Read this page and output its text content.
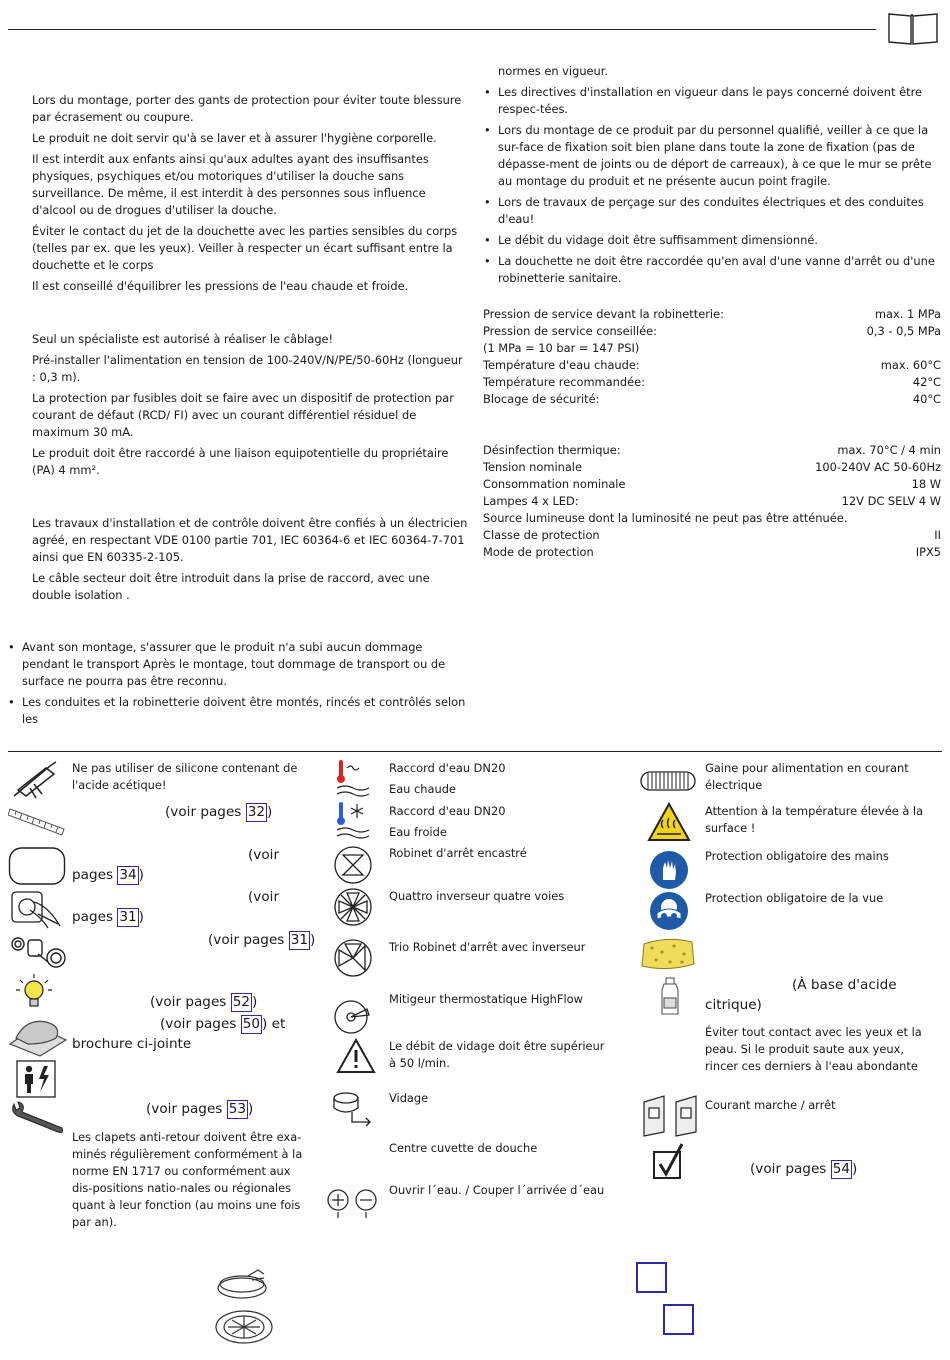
Lors du montage, porter des gants de protection pour éviter toute blessure par écrasement ou coupure.

Le produit ne doit servir qu'à se laver et à assurer l'hygiène corporelle.

Il est interdit aux enfants ainsi qu'aux adultes ayant des insuffisantes physiques, psychiques et/ou motoriques d'utiliser la douche sans surveillance. De même, il est interdit à des personnes sous influence d'alcool ou de drogues d'utiliser la douche.

Éviter le contact du jet de la douchette avec les parties sensibles du corps (telles par ex. que les yeux). Veiller à respecter un écart suffisant entre la douchette et le corps

Il est conseillé d'équilibrer les pressions de l'eau chaude et froide.

Seul un spécialiste est autorisé à réaliser le câblage!

Pré-installer l'alimentation en tension de 100-240V/N/PE/50-60Hz (longueur : 0,3 m).

La protection par fusibles doit se faire avec un dispositif de protection par courant de défaut (RCD/ FI) avec un courant différentiel résiduel de maximum 30 mA.

Le produit doit être raccordé à une liaison equipotentielle du propriétaire (PA) 4 mm².

Les travaux d'installation et de contrôle doivent être confiés à un électricien agréé, en respectant VDE 0100 partie 701, IEC 60364-6 et IEC 60364-7-701 ainsi que EN 60335-2-105.

Le câble secteur doit être introduit dans la prise de raccord, avec une double isolation .

• Avant son montage, s'assurer que le produit n'a subi aucun dommage pendant le transport Après le montage, tout dommage de transport ou de surface ne pourra pas être reconnu.
• Les conduites et la robinetterie doivent être montés, rincés et contrôlés selon les
normes en vigueur.
• Les directives d'installation en vigueur dans le pays concerné doivent être respec-tées.
• Lors du montage de ce produit par du personnel qualifié, veiller à ce que la sur-face de fixation soit bien plane dans toute la zone de fixation (pas de dépasse-ment de joints ou de déport de carreaux), à ce que le mur se prête au montage du produit et ne présente aucun point fragile.
• Lors de travaux de perçage sur des conduites électriques et des conduites d'eau!
• Le débit du vidage doit être suffisamment dimensionné.
• La douchette ne doit être raccordée qu'en aval d'une vanne d'arrêt ou d'une robinetterie sanitaire.
Pression de service devant la robinetterie:	max. 1 MPa
Pression de service conseillée:	0,3 - 0,5 MPa
(1 MPa = 10 bar = 147 PSI)
Température d'eau chaude:	max. 60°C
Température recommandée:	42°C
Blocage de sécurité:	40°C
Désinfection thermique:	max. 70°C / 4 min
Tension nominale	100-240V AC 50-60Hz
Consommation nominale	18 W
Lampes 4 x LED:	12V DC SELV 4 W
Source lumineuse dont la luminosité ne peut pas être atténuée.
Classe de protection	II
Mode de protection	IPX5
Ne pas utiliser de silicone contenant de l'acide acétique!
(voir pages 32 )
(voir
pages 34 )
(voir
pages 31 )
(voir pages 31 )
(voir pages 52 )
(voir pages 50 ) et
brochure ci-jointe
(voir pages 53 )
Les clapets anti-retour doivent être exa-minés régulièrement conformément à la norme EN 1717 ou conformément aux dis-positions natio-nales ou régionales quant à leur fonction (au moins une fois par an).
Raccord d'eau DN20
Eau chaude
Raccord d'eau DN20
Eau froide
Robinet d'arrêt encastré
Quattro inverseur quatre voies
Trio Robinet d'arrêt avec inverseur
Mitigeur thermostatique HighFlow
Le débit de vidage doit être supérieur à 50 l/min.
Vidage
Centre cuvette de douche
Ouvrir l´eau. / Couper l´arrivée d´eau
Gaine pour alimentation en courant électrique
Attention à la température élevée à la surface !
Protection obligatoire des mains
Protection obligatoire de la vue
(À base d'acide
citrique)
Éviter tout contact avec les yeux et la peau. Si le produit saute aux yeux, rincer ces derniers à l'eau abondante
Courant marche / arrêt
(voir pages 54 )
